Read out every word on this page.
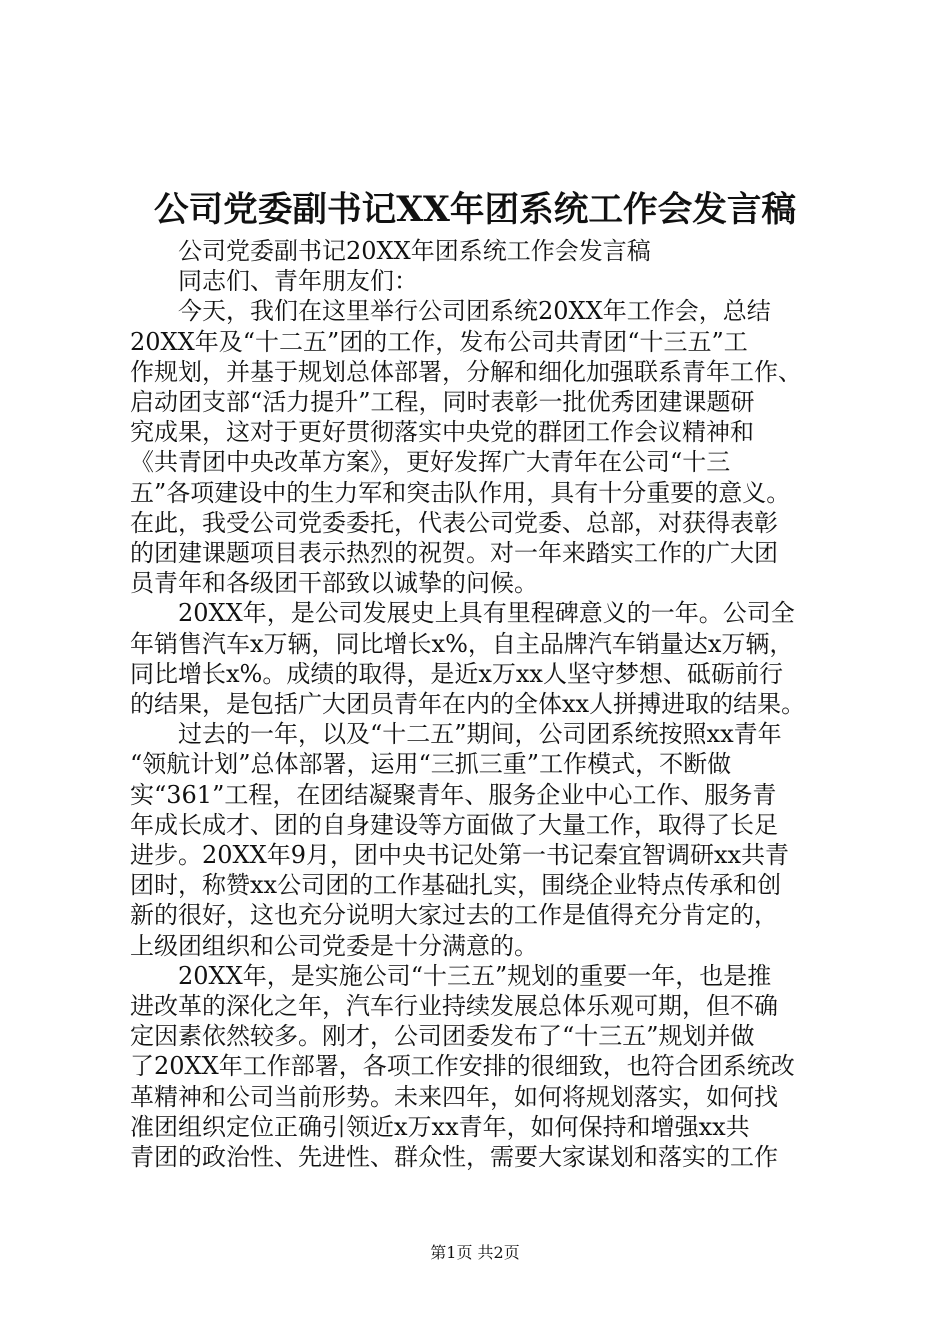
公司党委副书记XX年团系统工作会发言稿
公司党委副书记20XX年团系统工作会发言稿
同志们、青年朋友们：
今天，我们在这里举行公司团系统20XX年工作会，总结
20XX年及“十二五”团的工作，发布公司共青团“十三五”工
作规划，并基于规划总体部署，分解和细化加强联系青年工作、
启动团支部“活力提升”工程，同时表彰一批优秀团建课题研
究成果，这对于更好贯彻落实中央党的群团工作会议精神和
《共青团中央改革方案》，更好发挥广大青年在公司“十三
五”各项建设中的生力军和突击队作用，具有十分重要的意义。
在此，我受公司党委委托，代表公司党委、总部，对获得表彰
的团建课题项目表示热烈的祝贺。对一年来踏实工作的广大团
员青年和各级团干部致以诚挚的问候。
20XX年，是公司发展史上具有里程碑意义的一年。公司全
年销售汽车x万辆，同比增长x%，自主品牌汽车销量达x万辆，
同比增长x%。成绩的取得，是近x万xx人坚守梦想、砥砺前行
的结果，是包括广大团员青年在内的全体xx人拼搏进取的结果。
过去的一年，以及“十二五”期间，公司团系统按照xx青年
“领航计划”总体部署，运用“三抓三重”工作模式，不断做
实“361”工程，在团结凝聚青年、服务企业中心工作、服务青
年成长成才、团的自身建设等方面做了大量工作，取得了长足
进步。20XX年9月，团中央书记处第一书记秦宜智调研xx共青
团时，称赞xx公司团的工作基础扎实，围绕企业特点传承和创
新的很好，这也充分说明大家过去的工作是值得充分肯定的，
上级团组织和公司党委是十分满意的。
20XX年，是实施公司“十三五”规划的重要一年，也是推
进改革的深化之年，汽车行业持续发展总体乐观可期，但不确
定因素依然较多。刚才，公司团委发布了“十三五”规划并做
了20XX年工作部署，各项工作安排的很细致，也符合团系统改
革精神和公司当前形势。未来四年，如何将规划落实，如何找
准团组织定位正确引领近x万xx青年，如何保持和增强xx共
青团的政治性、先进性、群众性，需要大家谋划和落实的工作
第1页 共2页
